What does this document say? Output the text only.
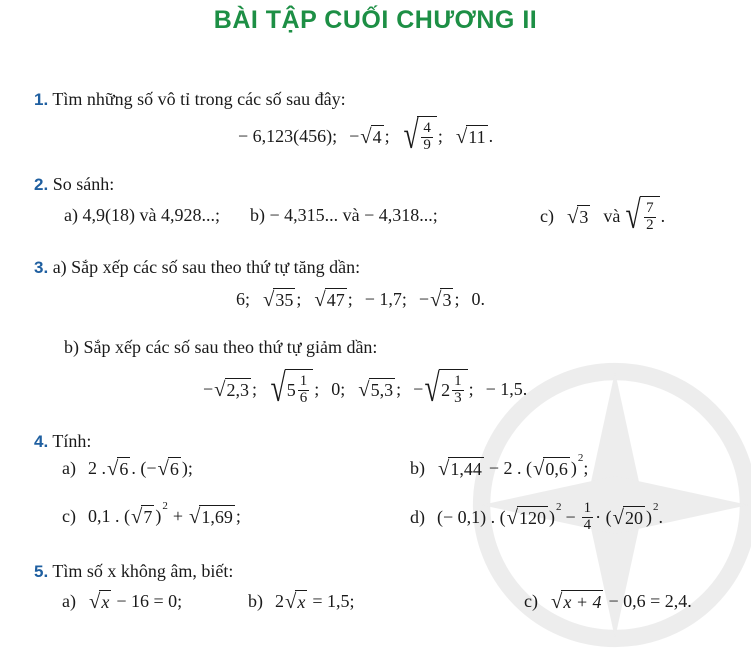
BÀI TẬP CUỐI CHƯƠNG II
1. Tìm những số vô tỉ trong các số sau đây:
− 6,123(456); − √ 4 ; √ $\frac{4}{9}$ ; √ 11 .
2. So sánh:
a) 4,9(18) và 4,928...; b) − 4,315... và − 4,318...;	c) √ 3 và √ $\frac{7}{2}$ .
3. a) Sắp xếp các số sau theo thứ tự tăng dần:
6; √ 35 ; √ 47 ; − 1,7; − √ 3 ; 0.
b) Sắp xếp các số sau theo thứ tự giảm dần:
− √ 2,3 ; √ $5 \frac{1}{6}$ ; 0; √ 5,3 ; − √ $2 \frac{1}{3}$ ; − 1,5.
4. Tính:
a) 2 . √ 6 . (− √ 6 );	b) √ 1,44 − 2 . ( √ 0,6 ) 2 ;
c) 0,1 . ( √ 7 ) 2 + √ 1,69 ;	d) (− 0,1) . ( √ 120 ) $2 - \frac{1}{4}$ · ( √ 20 ) 2 .
5. Tìm số x không âm, biết:
a) √ x − 16 = 0;	b) 2 √ x = 1,5;	c) √ x + 4 − 0,6 = 2,4.
